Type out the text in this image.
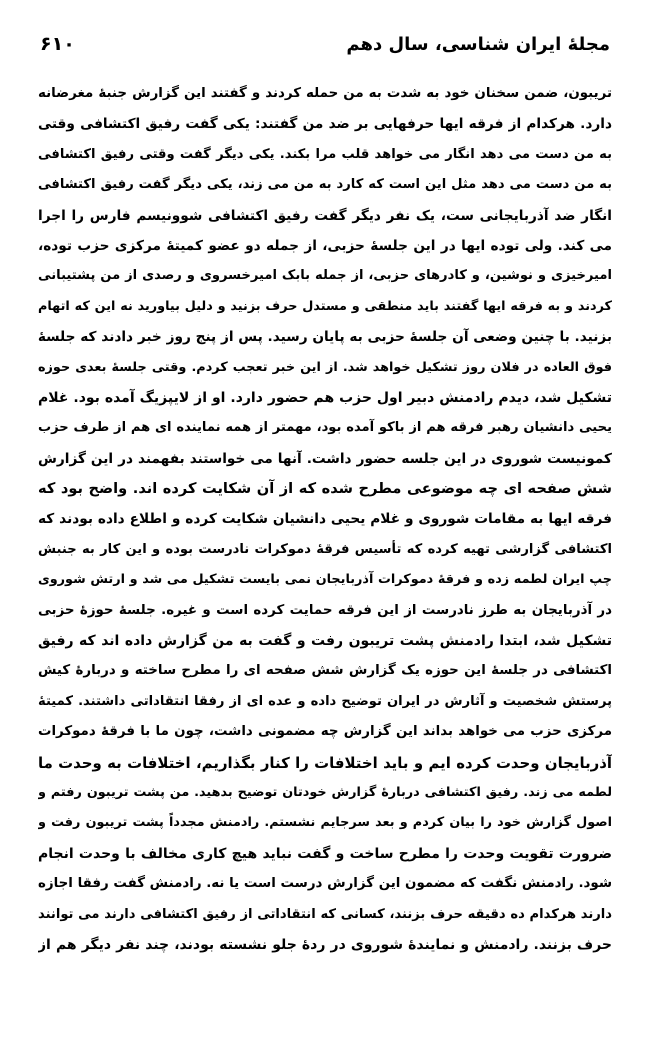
مجلهٔ ایران شناسی، سال دهم
۶۱۰
تریبون، ضمن سخنان خود به شدت به من حمله کردند و گفتند این گزارش جنبهٔ مغرضانه
دارد. هرکدام از فرقه ایها حرفهایی بر ضد من گفتند: یکی گفت رفیق اکتشافی وقتی
به من دست می دهد انگار می خواهد قلب مرا بکند. یکی دیگر گفت وقتی رفیق اکتشافی
به من دست می دهد مثل این است که کارد به من می زند، یکی دیگر گفت رفیق اکتشافی
انگار ضد آذربایجانی ست، یک نفر دیگر گفت رفیق اکتشافی شوونیسم فارس را اجرا
می کند. ولی توده ایها در این جلسهٔ حزبی، از جمله دو عضو کمیتهٔ مرکزی حزب توده،
امیرخیزی و نوشین، و کادرهای حزبی، از جمله بابک امیرخسروی و رصدی از من پشتیبانی
کردند و به فرقه ایها گفتند باید منطقی و مستدل حرف بزنید و دلیل بیاورید نه این که اتهام
بزنید. با چنین وضعی آن جلسهٔ حزبی به پایان رسید. پس از پنج روز خبر دادند که جلسهٔ
فوق العاده در فلان روز تشکیل خواهد شد. از این خبر تعجب کردم. وقتی جلسهٔ بعدی حوزه
تشکیل شد، دیدم رادمنش دبیر اول حزب هم حضور دارد. او از لایپزیگ آمده بود. غلام
یحیی دانشیان رهبر فرقه هم از باکو آمده بود، مهمتر از همه نماینده ای هم از طرف حزب
کمونیست شوروی در این جلسه حضور داشت. آنها می خواستند بفهمند در این گزارش
شش صفحه ای چه موضوعی مطرح شده که از آن شکایت کرده اند. واضح بود که
فرقه ایها به مقامات شوروی و غلام یحیی دانشیان شکایت کرده و اطلاع داده بودند که
اکتشافی گزارشی تهیه کرده که تأسیس فرقهٔ دموکرات نادرست بوده و این کار به جنبش
چپ ایران لطمه زده و فرقهٔ دموکرات آذربایجان نمی بایست تشکیل می شد و ارتش شوروی
در آذربایجان به طرز نادرست از این فرقه حمایت کرده است و غیره. جلسهٔ حوزهٔ حزبی
تشکیل شد، ابتدا رادمنش پشت تریبون رفت و گفت به من گزارش داده اند که رفیق
اکتشافی در جلسهٔ این حوزه یک گزارش شش صفحه ای را مطرح ساخته و دربارهٔ کیش
پرستش شخصیت و آثارش در ایران توضیح داده و عده ای از رفقا انتقاداتی داشتند. کمیتهٔ
مرکزی حزب می خواهد بداند این گزارش چه مضمونی داشت، چون ما با فرقهٔ دموکرات
آذربایجان وحدت کرده ایم و باید اختلافات را کنار بگذاریم، اختلافات به وحدت ما
لطمه می زند. رفیق اکتشافی دربارهٔ گزارش خودتان توضیح بدهید. من پشت تریبون رفتم و
اصول گزارش خود را بیان کردم و بعد سرجایم نشستم. رادمنش مجدداً پشت تریبون رفت و
ضرورت تقویت وحدت را مطرح ساخت و گفت نباید هیچ کاری مخالف با وحدت انجام
شود. رادمنش نگفت که مضمون این گزارش درست است یا نه. رادمنش گفت رفقا اجازه
دارند هرکدام ده دقیقه حرف بزنند، کسانی که انتقاداتی از رفیق اکتشافی دارند می توانند
حرف بزنند. رادمنش و نمایندهٔ شوروی در ردهٔ جلو نشسته بودند، چند نفر دیگر هم از
